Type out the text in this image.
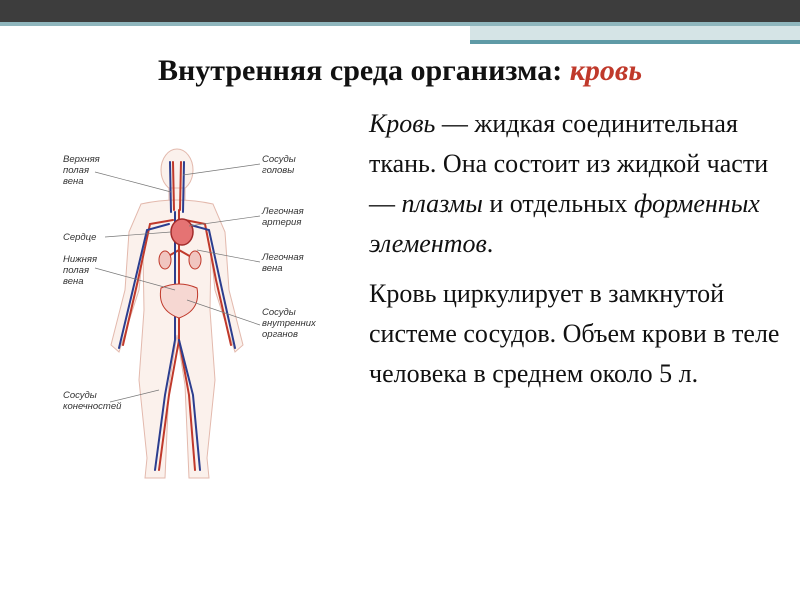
Внутренняя среда организма: кровь
Верхняя полая вена
Сосуды головы
Легочная артерия
Сердце
Легочная вена
Нижняя полая вена
Сосуды внутренних органов
Сосуды конечностей

Кровь — жидкая соединительная ткань. Она состоит из жидкой части — плазмы и отдельных форменных элементов.

Кровь циркулирует в замкнутой системе сосудов. Объем крови в теле человека в среднем около 5 л.
